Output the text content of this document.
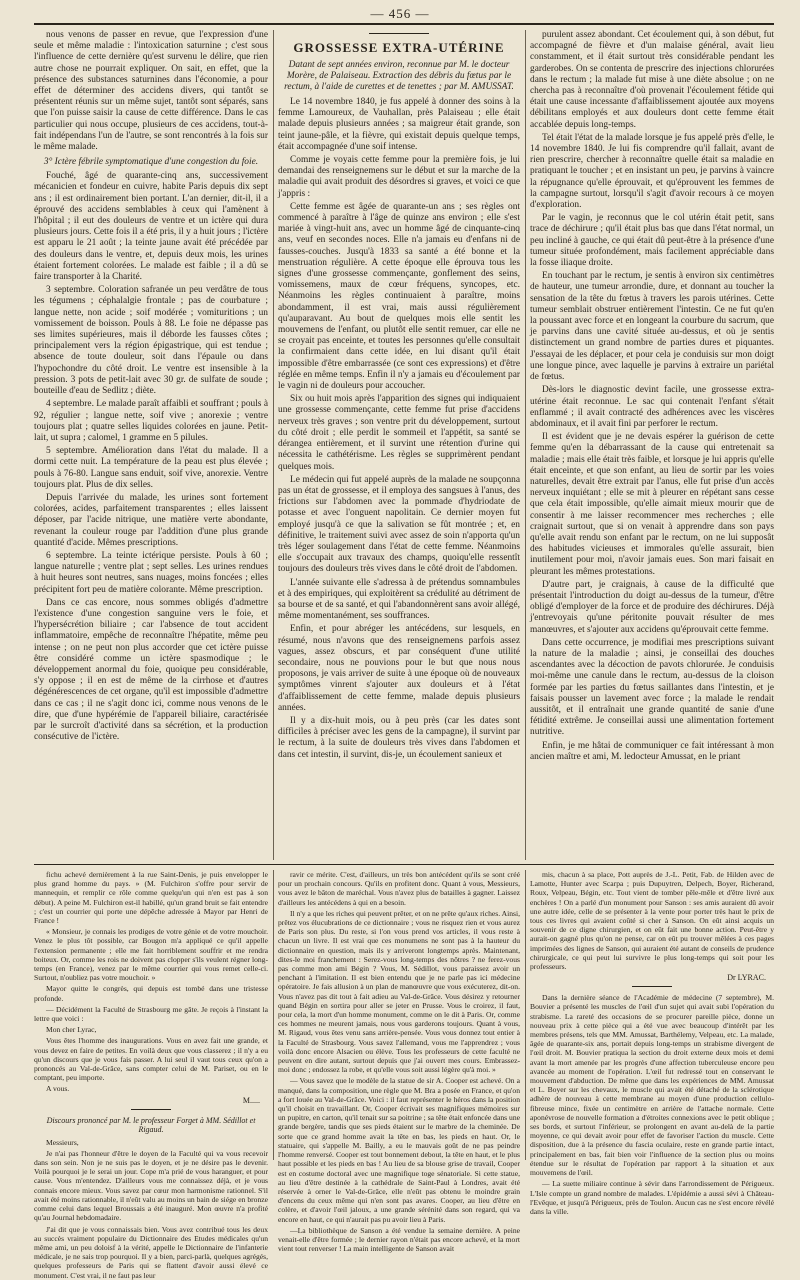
— 456 —

nous venons de passer en revue, que l'expression d'une seule et même maladie : l'intoxication saturnine ; c'est sous l'influence de cette dernière qu'est survenu le délire, que rien autre chose ne pourrait expliquer. On sait, en effet, que la présence des substances saturnines dans l'économie, a pour effet de déterminer des accidens divers, qui tantôt se présentent réunis sur un même sujet, tantôt sont séparés, sans que l'on puisse saisir la cause de cette différence. Dans le cas particulier qui nous occupe, plusieurs de ces accidens, tout-à-fait indépendans l'un de l'autre, se sont rencontrés à la fois sur le même malade.

3° Ictère fébrile symptomatique d'une congestion du foie.

Fouché, âgé de quarante-cinq ans, successivement mécanicien et fondeur en cuivre, habite Paris depuis dix sept ans ; il est ordinairement bien portant. L'an dernier, dit-il, il a éprouvé des accidens semblables à ceux qui l'amènent à l'hôpital ; il eut des douleurs de ventre et un ictère qui dura plusieurs jours. Cette fois il a été pris, il y a huit jours ; l'ictère est apparu le 21 août ; la teinte jaune avait été précédée par des douleurs dans le ventre, et, depuis deux mois, les urines étaient fortement colorées. Le malade est faible ; il a dû se faire transporter à la Charité.

3 septembre. Coloration safranée un peu verdâtre de tous les tégumens ; céphalalgie frontale ; pas de courbature ; langue nette, non acide ; soif modérée ; vomituritions ; un vomissement de boisson. Pouls à 88. Le foie ne dépasse pas ses limites supérieures, mais il déborde les fausses côtes ; principalement vers la région épigastrique, qui est tendue ; absence de toute douleur, soit dans l'épaule ou dans l'hypochondre du côté droit. Le ventre est insensible à la pression. 3 pots de petit-lait avec 30 gr. de sulfate de soude ; bouteille d'eau de Sedlitz ; diète.

4 septembre. Le malade paraît affaibli et souffrant ; pouls à 92, régulier ; langue nette, soif vive ; anorexie ; ventre toujours plat ; quatre selles liquides colorées en jaune. Petit-lait, ut supra ; calomel, 1 gramme en 5 pilules.

5 septembre. Amélioration dans l'état du malade. Il a dormi cette nuit. La température de la peau est plus élevée ; pouls à 76-80. Langue sans enduit, soif vive, anorexie. Ventre toujours plat. Plus de dix selles.

Depuis l'arrivée du malade, les urines sont fortement colorées, acides, parfaitement transparentes ; elles laissent déposer, par l'acide nitrique, une matière verte abondante, revenant la couleur rouge par l'addition d'une plus grande quantité d'acide. Mêmes prescriptions.

6 septembre. La teinte ictérique persiste. Pouls à 60 ; langue naturelle ; ventre plat ; sept selles. Les urines rendues à huit heures sont neutres, sans nuages, moins foncées ; elles précipitent fort peu de matière colorante. Même prescription.

Dans ce cas encore, nous sommes obligés d'admettre l'existence d'une congestion sanguine vers le foie, et l'hypersécrétion biliaire ; car l'absence de tout accident inflammatoire, empêche de reconnaître l'hépatite, même peu intense ; on ne peut non plus accorder que cet ictère puisse être considéré comme un ictère spasmodique ; le développement anormal du foie, quoique peu considérable, s'y oppose ; il en est de même de la cirrhose et d'autres dégénérescences de cet organe, qu'il est impossible d'admettre dans ce cas ; il ne s'agit donc ici, comme nous venons de le dire, que d'une hypérémie de l'appareil biliaire, caractérisée par le surcroît d'activité dans sa sécrétion, et la production consécutive de l'ictère.

GROSSESSE EXTRA-UTÉRINE
Datant de sept années environ, reconnue par M. le docteur Morère, de Palaiseau. Extraction des débris du fœtus par le rectum, à l'aide de curettes et de tenettes ; par M. AMUSSAT.

Le 14 novembre 1840, je fus appelé à donner des soins à la femme Lamoureux, de Vauhallan, près Palaiseau ; elle était malade depuis plusieurs années ; sa maigreur était grande, son teint jaune-pâle, et la fièvre, qui existait depuis quelque temps, était accompagnée d'une soif intense.

Comme je voyais cette femme pour la première fois, je lui demandai des renseignemens sur le début et sur la marche de la maladie qui avait produit des désordres si graves, et voici ce que j'appris :

Cette femme est âgée de quarante-un ans ; ses règles ont commencé à paraître à l'âge de quinze ans environ ; elle s'est mariée à vingt-huit ans, avec un homme âgé de cinquante-cinq ans, veuf en secondes noces. Elle n'a jamais eu d'enfans ni de fausses-couches. Jusqu'à 1833 sa santé a été bonne et la menstruation régulière. A cette époque elle éprouva tous les signes d'une grossesse commençante, gonflement des seins, vomissemens, maux de cœur fréquens, syncopes, etc. Néanmoins les règles continuaient à paraître, moins abondamment, il est vrai, mais aussi régulièrement qu'auparavant. Au bout de quelques mois elle sentit les mouvemens de l'enfant, ou plutôt elle sentit remuer, car elle ne se croyait pas enceinte, et toutes les personnes qu'elle consultait la confirmaient dans cette idée, en lui disant qu'il était impossible d'être embarrassée (ce sont ces expressions) et d'être réglée en même temps. Enfin il n'y a jamais eu d'écoulement par le vagin ni de douleurs pour accoucher.

Six ou huit mois après l'apparition des signes qui indiquaient une grossesse commençante, cette femme fut prise d'accidens nerveux très graves ; son ventre prit du développement, surtout du côté droit ; elle perdit le sommeil et l'appétit, sa santé se dérangea entièrement, et il survint une rétention d'urine qui nécessita le cathétérisme. Les règles se supprimèrent pendant quelques mois.

Le médecin qui fut appelé auprès de la malade ne soupçonna pas un état de grossesse, et il employa des sangsues à l'anus, des frictions sur l'abdomen avec la pommade d'hydriodate de potasse et avec l'onguent napolitain. Ce dernier moyen fut employé jusqu'à ce que la salivation se fût montrée ; et, en définitive, le traitement suivi avec assez de soin n'apporta qu'un très léger soulagement dans l'état de cette femme. Néanmoins elle s'occupait aux travaux des champs, quoiqu'elle ressentît toujours des douleurs très vives dans le côté droit de l'abdomen.

L'année suivante elle s'adressa à de prétendus somnambules et à des empiriques, qui exploitèrent sa crédulité au détriment de sa bourse et de sa santé, et qui l'abandonnèrent sans avoir allégé, même momentanément, ses souffrances.

Enfin, et pour abréger les antécédens, sur lesquels, en résumé, nous n'avons que des renseignemens parfois assez vagues, assez obscurs, et par conséquent d'une utilité secondaire, nous ne pouvions pour le but que nous nous proposons, je vais arriver de suite à une époque où de nouveaux symptômes vinrent s'ajouter aux douleurs et à l'état d'affaiblissement de cette femme, malade depuis plusieurs années.

Il y a dix-huit mois, ou à peu près (car les dates sont difficiles à préciser avec les gens de la campagne), il survint par le rectum, à la suite de douleurs très vives dans l'abdomen et dans cet intestin, il survint, dis-je, un écoulement sanieux et

purulent assez abondant. Cet écoulement qui, à son début, fut accompagné de fièvre et d'un malaise général, avait lieu constamment, et il était surtout très considérable pendant les garderobes. On se contenta de prescrire des injections chlorurées dans le rectum ; la malade fut mise à une diète absolue ; on ne chercha pas à reconnaître d'où provenait l'écoulement fétide qui était une cause incessante d'affaiblissement ajoutée aux moyens débilitans employés et aux douleurs dont cette femme était accablée depuis long-temps.

Tel était l'état de la malade lorsque je fus appelé près d'elle, le 14 novembre 1840. Je lui fis comprendre qu'il fallait, avant de rien prescrire, chercher à reconnaître quelle était sa maladie en pratiquant le toucher ; et en insistant un peu, je parvins à vaincre la répugnance qu'elle éprouvait, et qu'éprouvent les femmes de la campagne surtout, lorsqu'il s'agit d'avoir recours à ce moyen d'exploration.

Par le vagin, je reconnus que le col utérin était petit, sans trace de déchirure ; qu'il était plus bas que dans l'état normal, un peu incliné à gauche, ce qui était dû peut-être à la présence d'une tumeur située profondément, mais facilement appréciable dans la fosse iliaque droite.

En touchant par le rectum, je sentis à environ six centimètres de hauteur, une tumeur arrondie, dure, et donnant au toucher la sensation de la tête du fœtus à travers les parois utérines. Cette tumeur semblait obstruer entièrement l'intestin. Ce ne fut qu'en la poussant avec force et en longeant la courbure du sacrum, que je parvins dans une cavité située au-dessus, et où je sentis distinctement un grand nombre de parties dures et piquantes. J'essayai de les déplacer, et pour cela je conduisis sur mon doigt une longue pince, avec laquelle je parvins à extraire un pariétal de fœtus.

Dès-lors le diagnostic devint facile, une grossesse extra-utérine était reconnue. Le sac qui contenait l'enfant s'était enflammé ; il avait contracté des adhérences avec les viscères abdominaux, et il avait fini par perforer le rectum.

Il est évident que je ne devais espérer la guérison de cette femme qu'en la débarrassant de la cause qui entretenait sa maladie ; mais elle était très faible, et lorsque je lui appris qu'elle était enceinte, et que son enfant, au lieu de sortir par les voies naturelles, devait être extrait par l'anus, elle fut prise d'un accès nerveux inquiétant ; elle se mit à pleurer en répétant sans cesse que cela était impossible, qu'elle aimait mieux mourir que de consentir à me laisser recommencer mes recherches ; elle craignait surtout, que si on venait à apprendre dans son pays qu'elle avait rendu son enfant par le rectum, on ne lui supposât des habitudes vicieuses et immorales qu'elle assurait, bien inutilement pour moi, n'avoir jamais eues. Son mari faisait en pleurant les mêmes protestations.

D'autre part, je craignais, à cause de la difficulté que présentait l'introduction du doigt au-dessus de la tumeur, d'être obligé d'employer de la force et de produire des déchirures. Déjà j'entrevoyais qu'une péritonite pouvait résulter de mes manœuvres, et s'ajouter aux accidens qu'éprouvait cette femme.

Dans cette occurrence, je modifiai mes prescriptions suivant la nature de la maladie ; ainsi, je conseillai des douches ascendantes avec la décoction de pavots chlorurée. Je conduisis moi-même une canule dans le rectum, au-dessus de la cloison formée par les parties du fœtus saillantes dans l'intestin, et je faisais pousser un lavement avec force ; la malade le rendait aussitôt, et il entraînait une grande quantité de sanie d'une fétidité extrême. Je conseillai aussi une alimentation fortement nutritive.

Enfin, je me hâtai de communiquer ce fait intéressant à mon ancien maître et ami, M. ledocteur Amussat, en le priant

fichu achevé dernièrement à la rue Saint-Denis, je puis envelopper le plus grand homme du pays. » (M. Fulchiron s'offre pour servir de mannequin, et remplir ce rôle comme quelqu'un qui n'en est pas à son début). A peine M. Fulchiron est-il habillé, qu'un grand bruit se fait entendre ; c'est un courrier qui porte une dépêche adressée à Mayor par Henri de France !

« Monsieur, je connais les prodiges de votre génie et de votre mouchoir. Venez le plus tôt possible, car Bougon m'a appliqué ce qu'il appelle l'extension permanente ; elle me fait horriblement souffrir et me rendra boiteux. Or, comme les rois ne doivent pas clopper s'ils veulent régner long-temps (en France), venez par le même courrier qui vous remet celle-ci. Surtout, n'oubliez pas votre mouchoir. »

Mayor quitte le congrès, qui depuis est tombé dans une tristesse profonde.

— Décidément la Faculté de Strasbourg me gâte. Je reçois à l'instant la lettre que voici :

Mon cher Lyrac,

Vous êtes l'homme des inaugurations. Vous en avez fait une grande, et vous devez en faire de petites. En voilà deux que vous classerez ; il n'y a eu qu'un discours que je vous fais passer. A lui seul il vaut tous ceux qu'on a prononcés au Val-de-Grâce, sans compter celui de M. Pariset, ou en le comptant, peu importe.

A vous.

M.....
Discours prononcé par M. le professeur Forget à MM. Sédillot et Rigaud.

Messieurs,

Je n'ai pas l'honneur d'être le doyen de la Faculté qui va vous recevoir dans son sein. Non je ne suis pas le doyen, et je ne désire pas le devenir. Voilà pourquoi je le serai un jour. Cope m'a prié de vous haranguer, et pour cause. Vous m'entendez. D'ailleurs vous me connaissez déjà, et je vous connais encore mieux. Vous savez par cœur mon harmonisme rationnel. S'il avait été moins rationnable, il n'eût valu au moins un bain de siége en bronze comme celui dans lequel Broussais a été inauguré. Mon œuvre n'a profité qu'au Journal hebdomadaire.

J'ai dit que je vous connaissais bien. Vous avez contribué tous les deux au succès vraiment populaire du Dictionnaire des Etudes médicales qu'un même ami, un peu doloisf à la vérité, appelle le Dictionnaire de l'infanterie médicale, je ne sais trop pourquoi. Il y a bien, parci-parlà, quelques agrégés, quelques professeurs de Paris qui se flattent d'avoir aussi élevé ce monument. C'est vrai, il ne faut pas leur

ravir ce mérite. C'est, d'ailleurs, un très bon antécédent qu'ils se sont créé pour un prochain concours. Qu'ils en profitent donc. Quant à vous, Messieurs, vous avez le bâton de maréchal. Vous n'avez plus de batailles à gagner. Laissez d'ailleurs les antécédens à qui en a besoin.

Il n'y a que les riches qui peuvent prêter, et on ne prête qu'aux riches. Ainsi, prêtez vos élucubrations de ce dictionnaire ; vous ne risquez rien et vous aurez de Paris son plus. Du reste, si l'on vous prend vos articles, il vous reste à chacun un livre. Il est vrai que ces monumens ne sont pas à la hauteur du dictionnaire en question, mais ils y arriveront longtemps après. Maintenant, dites-le moi franchement : Serez-vous long-temps des nôtres ? ne ferez-vous pas comme mon ami Bégin ? Vous, M. Sédillot, vous paraissez avoir un penchant à l'imitation. Il est bien entendu que je ne parle pas ici médecine opératoire. Je fais allusion à un plan de manœuvre que vous exécuterez, dit-on. Vous n'avez pas dit tout à fait adieu au Val-de-Grâce. Vous désirez y retourner quand Bégin en sortira pour aller se jeter en Prusse. Vous le croirez, il faut, pour cela, la mort d'un homme monument, comme on le dit à Paris. Or, comme ces hommes ne meurent jamais, nous vous garderons toujours. Quant à vous, M. Rigaud, vous êtes venu sans arrière-pensée. Vous vous donnez tout entier à la Faculté de Strasbourg. Vous savez l'allemand, vous me l'apprendrez ; vous voilà donc encore Alsacien ou élève. Tous les professeurs de cette faculté ne peuvent en dire autant, surtout depuis que j'ai ouvert mes cours. Embrassez-moi donc ; endossez la robe, et qu'elle vous soit aussi légère qu'à moi. »

— Vous savez que le modèle de la statue de sir A. Cooper est achevé. On a manqué, dans la composition, une règle que M. Bra a posée en France, et qu'on a fort louée au Val-de-Grâce. Voici : il faut représenter le héros dans la position qu'il choisit en travaillant. Or, Cooper écrivait ses magnifiques mémoires sur un pupitre, en carton, qu'il tenait sur sa poitrine ; sa tête était enfoncée dans une grande bergère, tandis que ses pieds étaient sur le marbre de la cheminée. De sorte que ce grand homme avait la tête en bas, les pieds en haut. Or, le statuaire, qui s'appelle M. Bailly, a eu le mauvais goût de ne pas peindre l'homme renversé. Cooper est tout bonnement debout, la tête en haut, et le plus haut possible et les pieds en bas ! Au lieu de sa blouse grise de travail, Cooper est en costume doctoral avec une magnifique toge sénatoriale. Si cette statue, au lieu d'être destinée à la cathédrale de Saint-Paul à Londres, avait été réservée à orner le Val-de-Grâce, elle n'eût pas obtenu le moindre grain d'encens du ceux même qui n'en sont pas avares. Cooper, au lieu d'être en colère, et d'avoir l'œil jaloux, a une grande sérénité dans son regard, qui va encore en haut, ce qui n'aurait pas pu avoir lieu à Paris.

—La bibliothèque de Sanson a été vendue la semaine dernière. A peine venait-elle d'être formée ; le dernier rayon n'était pas encore achevé, et la mort vient tout renverser ! La main intelligente de Sanson avait

mis, chacun à sa place, Pott auprès de J.-L. Petit, Fab. de Hilden avec de Lamotte, Hunter avec Scarpa ; puis Dupuytren, Delpech, Boyer, Richerand, Roux, Velpeau, Bégin, etc. Tout vient de tomber pêle-mêle et d'être livré aux enchères ! On a parlé d'un monument pour Sanson : ses amis auraient dû avoir une autre idée, celle de se présenter à la vente pour porter très haut le prix de tous ces livres qui avaient coûté si cher à Sanson. On eût ainsi acquis un souvenir de ce digne chirurgien, et on eût fait une bonne action. Peut-être y aurait-on gagné plus qu'on ne pense, car on eût pu trouver mêlées à ces pages imprimées des lignes de Sanson, qui auraient été autant de conseils de prudence chirurgicale, ce qui peut lui survivre le plus long-temps qui soit pour les professeurs.

Dr LYRAC.

Dans la dernière séance de l'Académie de médecine (7 septembre), M. Bouvier a présenté les muscles de l'œil d'un sujet qui avait subi l'opération du strabisme. La rareté des occasions de se procurer pareille pièce, donne un nouveau prix à cette pièce qui a été vue avec beaucoup d'intérêt par les membres présens, tels que MM. Amussat, Barthélemy, Velpeau, etc. La malade, âgée de quarante-six ans, portait depuis long-temps un strabisme divergent de l'œil droit. M. Bouvier pratiqua la section du droit externe deux mois et demi avant la mort amenée par les progrès d'une affection tuberculeuse encore peu avancée au moment de l'opération. L'œil fut redressé tout en conservant le mouvement d'abduction. De même que dans les expériences de MM. Amussat et L. Boyer sur les chevaux, le muscle qui avait été détaché de la sclérotique adhère de nouveau à cette membrane au moyen d'une production cellulo-fibreuse mince, fixée un centimètre en arrière de l'attache normale. Cette aponévrose de nouvelle formation a d'étroites connexions avec le petit oblique ; ses bords, et surtout l'inférieur, se prolongent en avant au-delà de la partie moyenne, ce qui devait avoir pour effet de favoriser l'action du muscle. Cette disposition, due à la présence du fascia oculaire, reste en grande partie intact, principalement en bas, fait bien voir l'influence de la section plus ou moins étendue sur le résultat de l'opération par rapport à la situation et aux mouvemens de l'œil.

— La suette miliaire continue à sévir dans l'arrondissement de Périgueux. L'Isle compte un grand nombre de malades. L'épidémie a aussi sévi à Château-l'Evêque, et jusqu'à Périgueux, près de Toulon. Aucun cas ne s'est encore révélé dans la ville.
